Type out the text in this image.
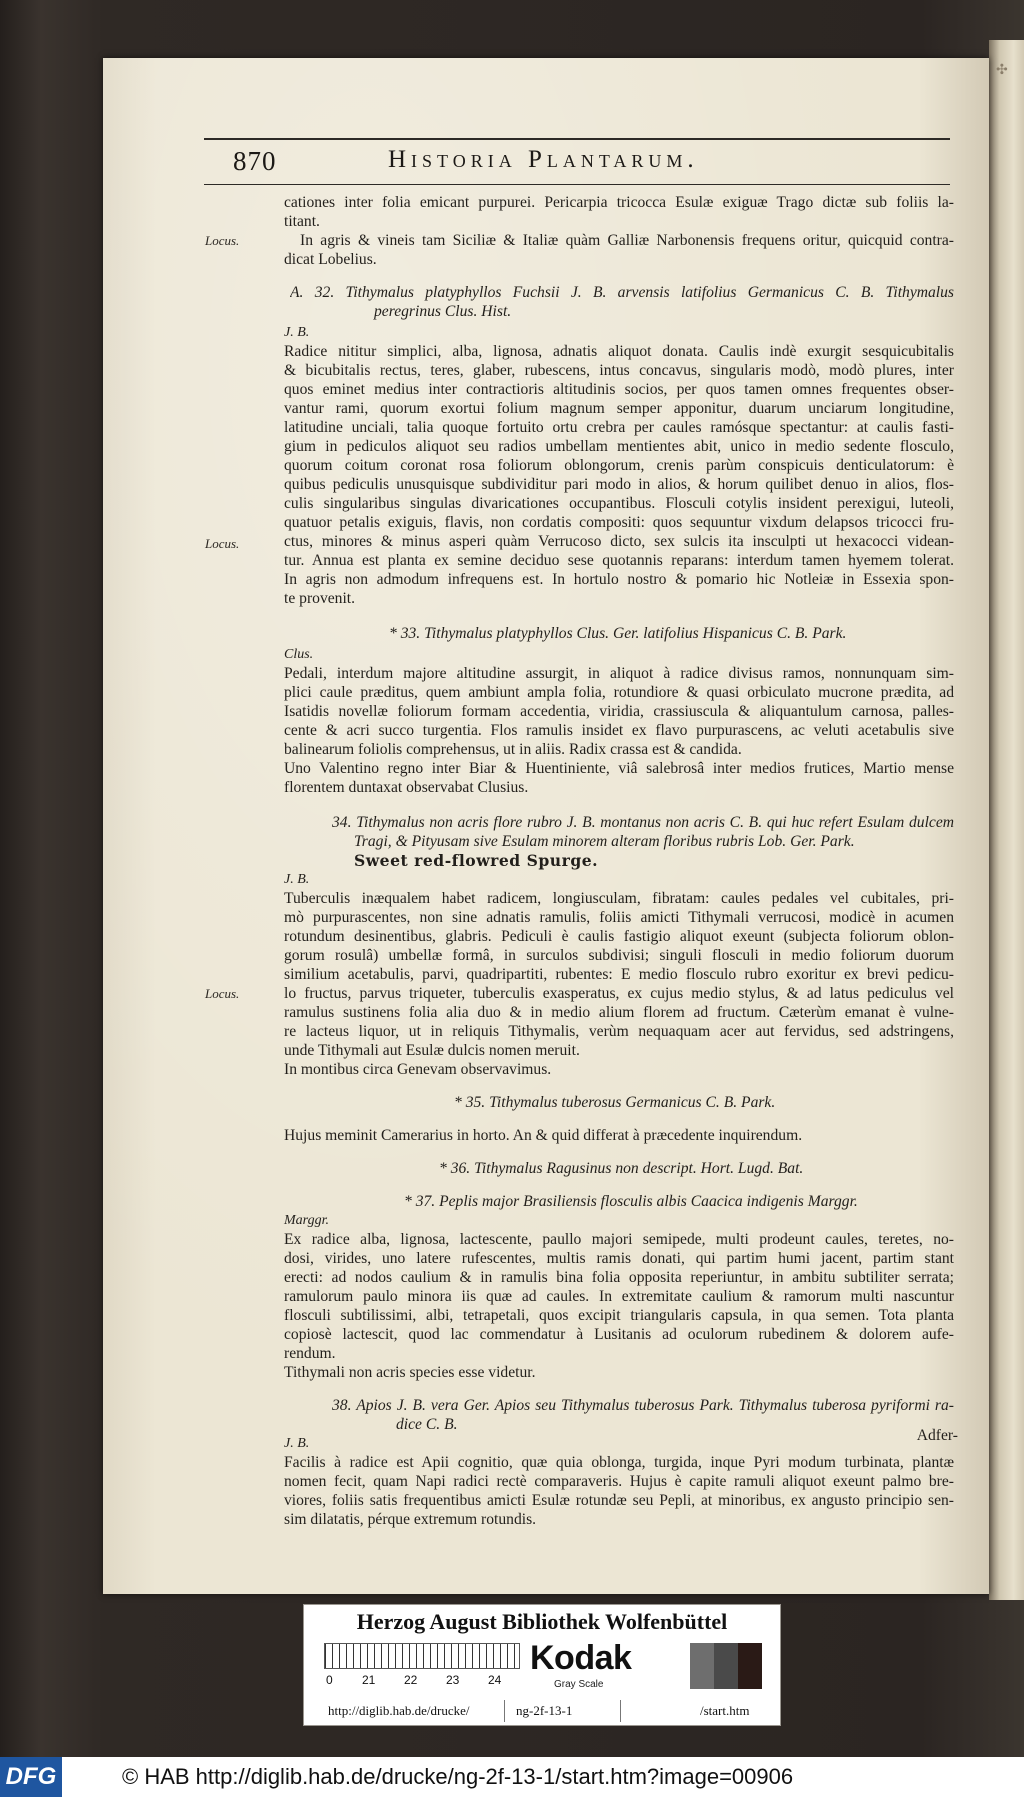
✣
870	Historia Plantarum.
Locus.
Locus.
Locus.
cationes inter folia emicant purpurei. Pericarpia tricocca Esulæ exiguæ Trago dictæ sub foliis la-
titant.
In agris & vineis tam Siciliæ & Italiæ quàm Galliæ Narbonensis frequens oritur, quicquid contra-
dicat Lobelius.
A. 32. Tithymalus platyphyllos Fuchsii J. B. arvensis latifolius Germanicus C. B. Tithymalus
peregrinus Clus. Hist.
J. B.
Radice nititur simplici, alba, lignosa, adnatis aliquot donata. Caulis indè exurgit sesquicubitalis
& bicubitalis rectus, teres, glaber, rubescens, intus concavus, singularis modò, modò plures, inter
quos eminet medius inter contractioris altitudinis socios, per quos tamen omnes frequentes obser-
vantur rami, quorum exortui folium magnum semper apponitur, duarum unciarum longitudine,
latitudine unciali, talia quoque fortuito ortu crebra per caules ramósque spectantur: at caulis fasti-
gium in pediculos aliquot seu radios umbellam mentientes abit, unico in medio sedente flosculo,
quorum coitum coronat rosa foliorum oblongorum, crenis parùm conspicuis denticulatorum: è
quibus pediculis unusquisque subdividitur pari modo in alios, & horum quilibet denuo in alios, flos-
culis singularibus singulas divaricationes occupantibus. Flosculi cotylis insident perexigui, luteoli,
quatuor petalis exiguis, flavis, non cordatis compositi: quos sequuntur vixdum delapsos tricocci fru-
ctus, minores & minus asperi quàm Verrucoso dicto, sex sulcis ita insculpti ut hexacocci videan-
tur. Annua est planta ex semine deciduo sese quotannis reparans: interdum tamen hyemem tolerat.
In agris non admodum infrequens est. In hortulo nostro & pomario hic Notleiæ in Essexia spon-
te provenit.
* 33. Tithymalus platyphyllos Clus. Ger. latifolius Hispanicus C. B. Park.
Clus.
Pedali, interdum majore altitudine assurgit, in aliquot à radice divisus ramos, nonnunquam sim-
plici caule præditus, quem ambiunt ampla folia, rotundiore & quasi orbiculato mucrone prædita, ad
Isatidis novellæ foliorum formam accedentia, viridia, crassiuscula & aliquantulum carnosa, palles-
cente & acri succo turgentia. Flos ramulis insidet ex flavo purpurascens, ac veluti acetabulis sive
balinearum foliolis comprehensus, ut in aliis. Radix crassa est & candida.
Uno Valentino regno inter Biar & Huentiniente, viâ salebrosâ inter medios frutices, Martio mense
florentem duntaxat observabat Clusius.
34. Tithymalus non acris flore rubro J. B. montanus non acris C. B. qui huc refert Esulam dulcem
Tragi, & Pityusam sive Esulam minorem alteram floribus rubris Lob. Ger. Park.
Sweet red-flowred Spurge.
J. B.
Tuberculis inæqualem habet radicem, longiusculam, fibratam: caules pedales vel cubitales, pri-
mò purpurascentes, non sine adnatis ramulis, foliis amicti Tithymali verrucosi, modicè in acumen
rotundum desinentibus, glabris. Pediculi è caulis fastigio aliquot exeunt (subjecta foliorum oblon-
gorum rosulâ) umbellæ formâ, in surculos subdivisi; singuli flosculi in medio foliorum duorum
similium acetabulis, parvi, quadripartiti, rubentes: E medio flosculo rubro exoritur ex brevi pedicu-
lo fructus, parvus triqueter, tuberculis exasperatus, ex cujus medio stylus, & ad latus pediculus vel
ramulus sustinens folia alia duo & in medio alium florem ad fructum. Cæterùm emanat è vulne-
re lacteus liquor, ut in reliquis Tithymalis, verùm nequaquam acer aut fervidus, sed adstringens,
unde Tithymali aut Esulæ dulcis nomen meruit.
In montibus circa Genevam observavimus.
* 35. Tithymalus tuberosus Germanicus C. B. Park.
Hujus meminit Camerarius in horto. An & quid differat à præcedente inquirendum.
* 36. Tithymalus Ragusinus non descript. Hort. Lugd. Bat.
* 37. Peplis major Brasiliensis flosculis albis Caacica indigenis Marggr.
Marggr.
Ex radice alba, lignosa, lactescente, paullo majori semipede, multi prodeunt caules, teretes, no-
dosi, virides, uno latere rufescentes, multis ramis donati, qui partim humi jacent, partim stant
erecti: ad nodos caulium & in ramulis bina folia opposita reperiuntur, in ambitu subtiliter serrata;
ramulorum paulo minora iis quæ ad caules. In extremitate caulium & ramorum multi nascuntur
flosculi subtilissimi, albi, tetrapetali, quos excipit triangularis capsula, in qua semen. Tota planta
copiosè lactescit, quod lac commendatur à Lusitanis ad oculorum rubedinem & dolorem aufe-
rendum.
Tithymali non acris species esse videtur.
38. Apios J. B. vera Ger. Apios seu Tithymalus tuberosus Park. Tithymalus tuberosa pyriformi ra-
dice C. B.
J. B.
Facilis à radice est Apii cognitio, quæ quia oblonga, turgida, inque Pyri modum turbinata, plantæ
nomen fecit, quam Napi radici rectè comparaveris. Hujus è capite ramuli aliquot exeunt palmo bre-
viores, foliis satis frequentibus amicti Esulæ rotundæ seu Pepli, at minoribus, ex angusto principio sen-
sim dilatatis, pérque extremum rotundis.
Adfer-
Herzog August Bibliothek Wolfenbüttel
0 21 22 23 24
Kodak
Gray Scale
http://diglib.hab.de/drucke/	ng-2f-13-1	/start.htm
DFG	© HAB http://diglib.hab.de/drucke/ng-2f-13-1/start.htm?image=00906
